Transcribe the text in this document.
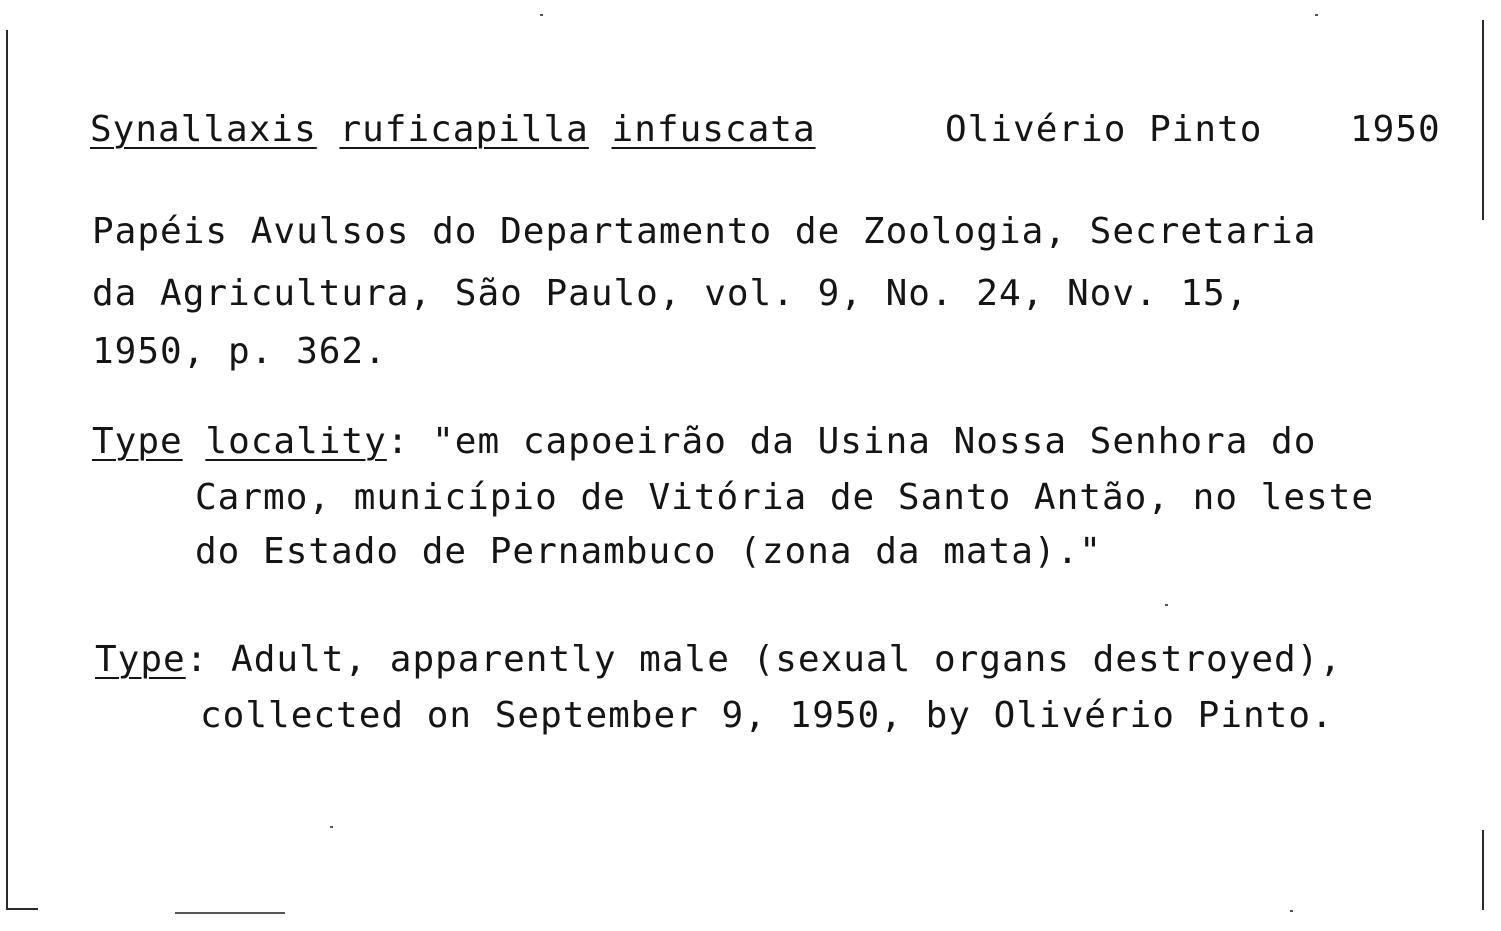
Synallaxis ruficapilla infuscata	Olivério Pinto 1950
Papéis Avulsos do Departamento de Zoologia, Secretaria
da Agricultura, São Paulo, vol. 9, No. 24, Nov. 15,
1950, p. 362.
Type locality: "em capoeirão da Usina Nossa Senhora do
Carmo, município de Vitória de Santo Antão, no leste
do Estado de Pernambuco (zona da mata)."
Type: Adult, apparently male (sexual organs destroyed),
collected on September 9, 1950, by Olivério Pinto.
